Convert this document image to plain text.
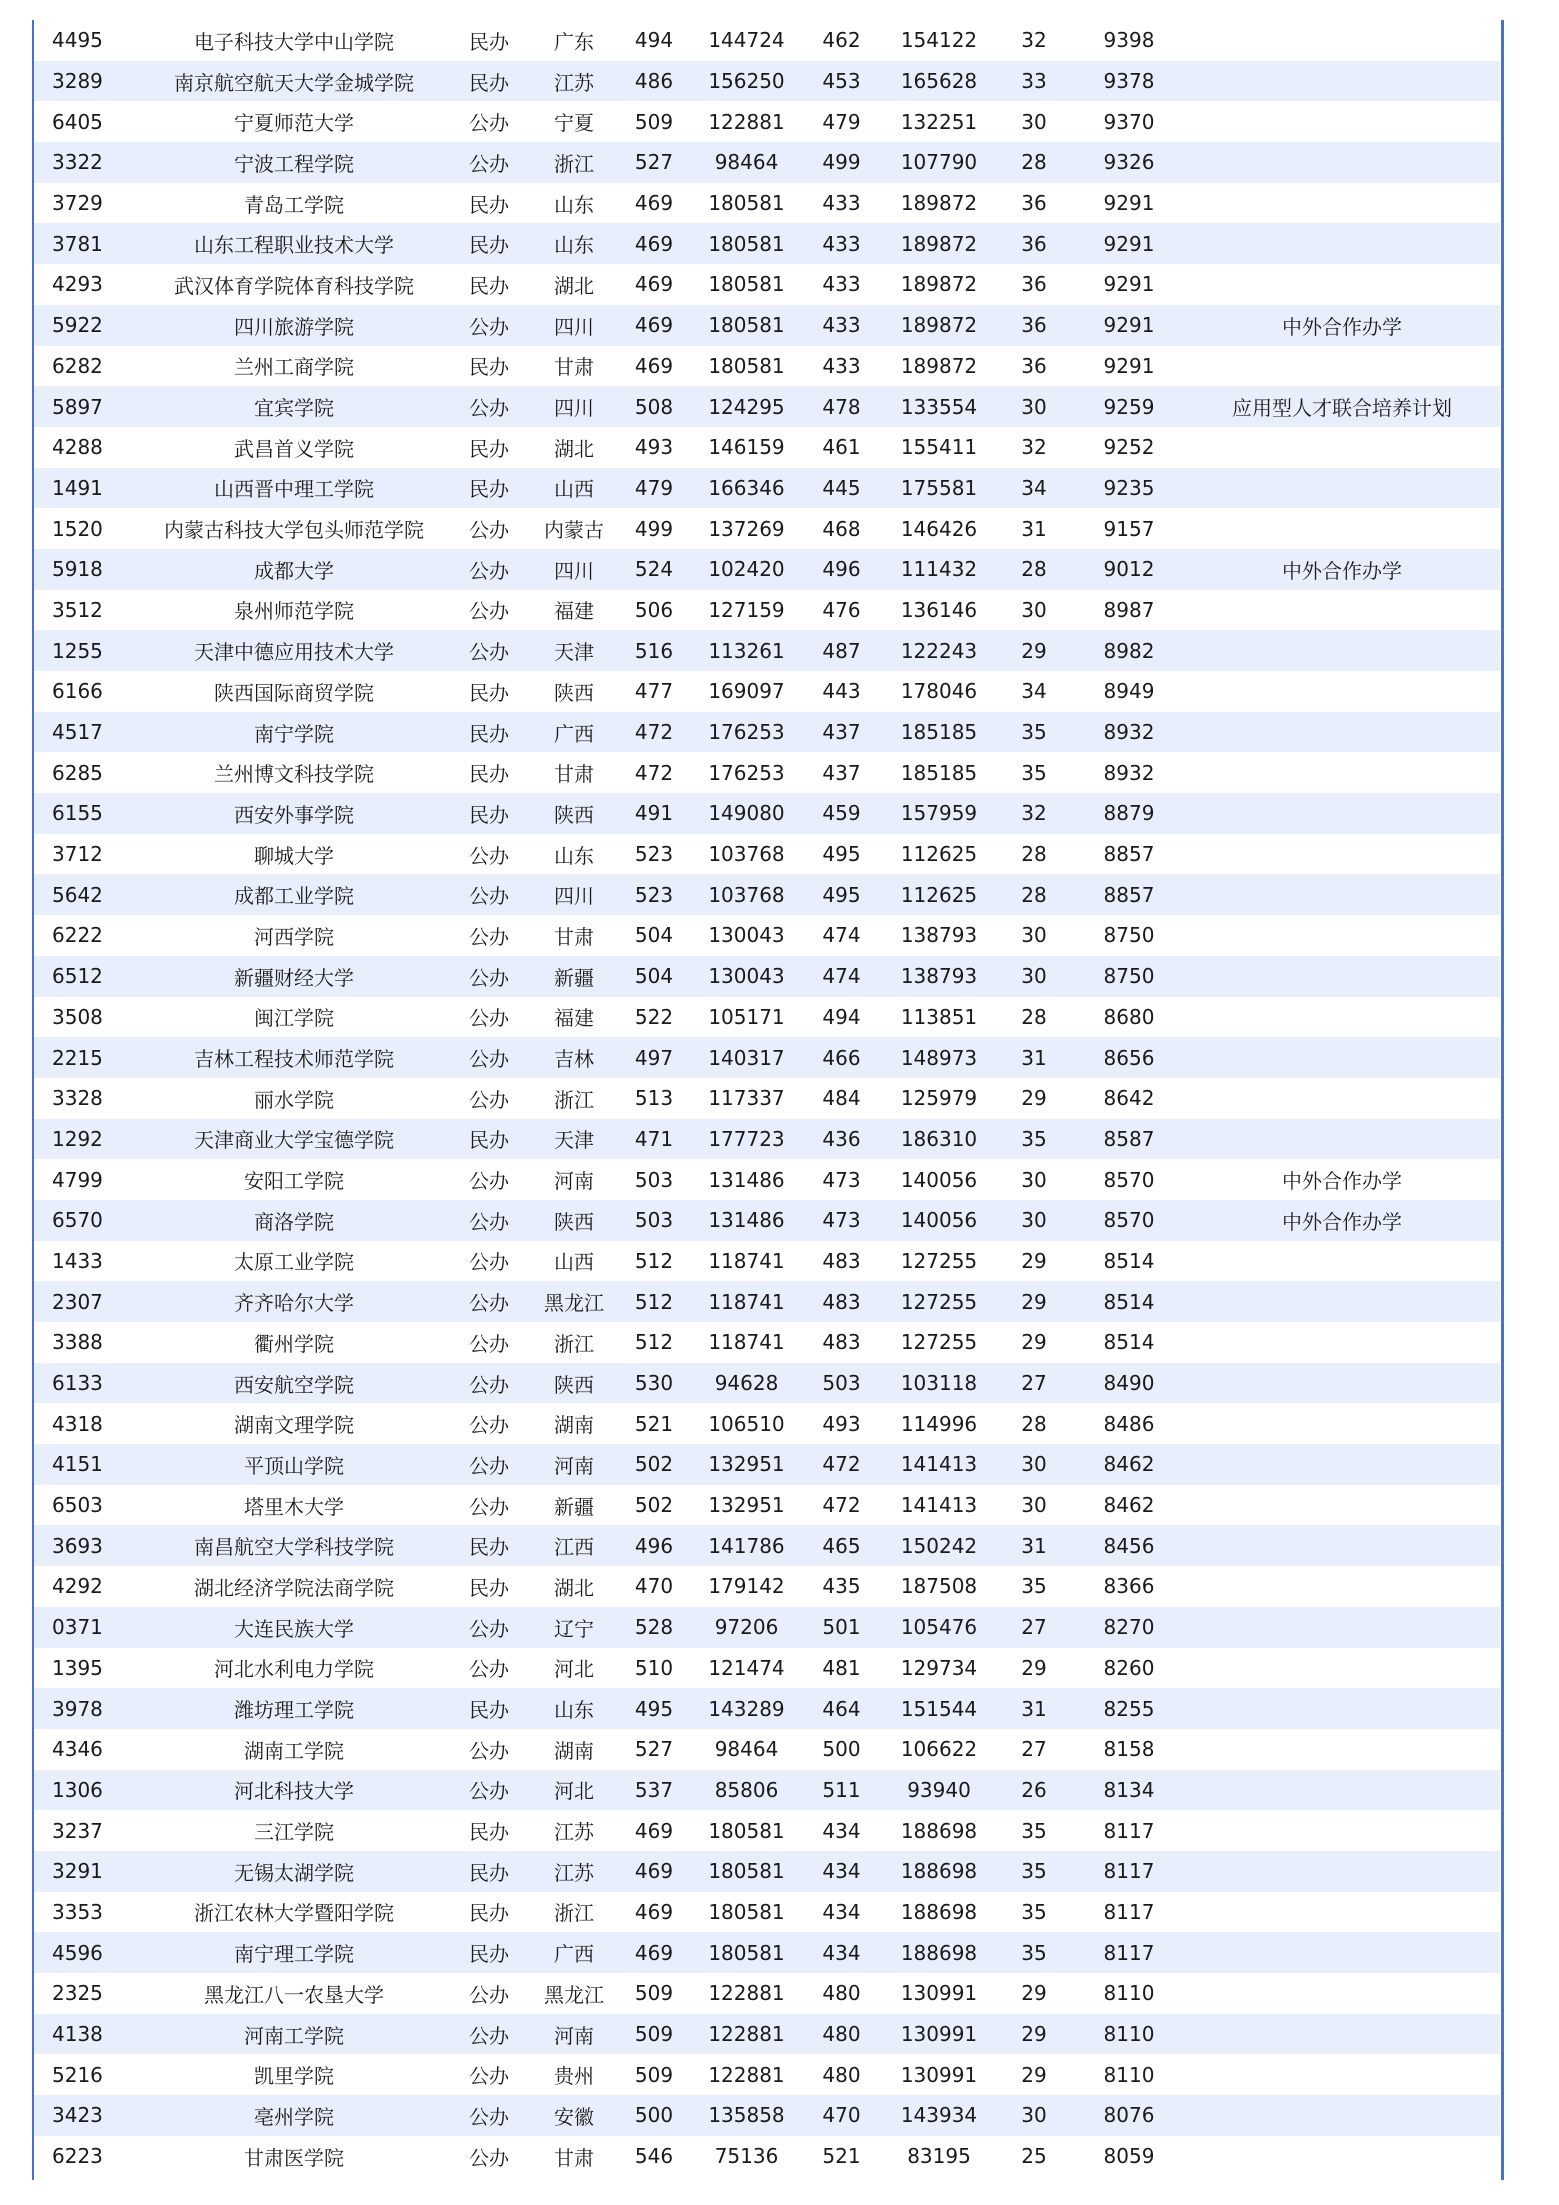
4495	电子科技大学中山学院	民办	广东	494	144724	462	154122	32	9398	
3289	南京航空航天大学金城学院	民办	江苏	486	156250	453	165628	33	9378	
6405	宁夏师范大学	公办	宁夏	509	122881	479	132251	30	9370	
3322	宁波工程学院	公办	浙江	527	98464	499	107790	28	9326	
3729	青岛工学院	民办	山东	469	180581	433	189872	36	9291	
3781	山东工程职业技术大学	民办	山东	469	180581	433	189872	36	9291	
4293	武汉体育学院体育科技学院	民办	湖北	469	180581	433	189872	36	9291	
5922	四川旅游学院	公办	四川	469	180581	433	189872	36	9291	中外合作办学
6282	兰州工商学院	民办	甘肃	469	180581	433	189872	36	9291	
5897	宜宾学院	公办	四川	508	124295	478	133554	30	9259	应用型人才联合培养计划
4288	武昌首义学院	民办	湖北	493	146159	461	155411	32	9252	
1491	山西晋中理工学院	民办	山西	479	166346	445	175581	34	9235	
1520	内蒙古科技大学包头师范学院	公办	内蒙古	499	137269	468	146426	31	9157	
5918	成都大学	公办	四川	524	102420	496	111432	28	9012	中外合作办学
3512	泉州师范学院	公办	福建	506	127159	476	136146	30	8987	
1255	天津中德应用技术大学	公办	天津	516	113261	487	122243	29	8982	
6166	陕西国际商贸学院	民办	陕西	477	169097	443	178046	34	8949	
4517	南宁学院	民办	广西	472	176253	437	185185	35	8932	
6285	兰州博文科技学院	民办	甘肃	472	176253	437	185185	35	8932	
6155	西安外事学院	民办	陕西	491	149080	459	157959	32	8879	
3712	聊城大学	公办	山东	523	103768	495	112625	28	8857	
5642	成都工业学院	公办	四川	523	103768	495	112625	28	8857	
6222	河西学院	公办	甘肃	504	130043	474	138793	30	8750	
6512	新疆财经大学	公办	新疆	504	130043	474	138793	30	8750	
3508	闽江学院	公办	福建	522	105171	494	113851	28	8680	
2215	吉林工程技术师范学院	公办	吉林	497	140317	466	148973	31	8656	
3328	丽水学院	公办	浙江	513	117337	484	125979	29	8642	
1292	天津商业大学宝德学院	民办	天津	471	177723	436	186310	35	8587	
4799	安阳工学院	公办	河南	503	131486	473	140056	30	8570	中外合作办学
6570	商洛学院	公办	陕西	503	131486	473	140056	30	8570	中外合作办学
1433	太原工业学院	公办	山西	512	118741	483	127255	29	8514	
2307	齐齐哈尔大学	公办	黑龙江	512	118741	483	127255	29	8514	
3388	衢州学院	公办	浙江	512	118741	483	127255	29	8514	
6133	西安航空学院	公办	陕西	530	94628	503	103118	27	8490	
4318	湖南文理学院	公办	湖南	521	106510	493	114996	28	8486	
4151	平顶山学院	公办	河南	502	132951	472	141413	30	8462	
6503	塔里木大学	公办	新疆	502	132951	472	141413	30	8462	
3693	南昌航空大学科技学院	民办	江西	496	141786	465	150242	31	8456	
4292	湖北经济学院法商学院	民办	湖北	470	179142	435	187508	35	8366	
0371	大连民族大学	公办	辽宁	528	97206	501	105476	27	8270	
1395	河北水利电力学院	公办	河北	510	121474	481	129734	29	8260	
3978	潍坊理工学院	民办	山东	495	143289	464	151544	31	8255	
4346	湖南工学院	公办	湖南	527	98464	500	106622	27	8158	
1306	河北科技大学	公办	河北	537	85806	511	93940	26	8134	
3237	三江学院	民办	江苏	469	180581	434	188698	35	8117	
3291	无锡太湖学院	民办	江苏	469	180581	434	188698	35	8117	
3353	浙江农林大学暨阳学院	民办	浙江	469	180581	434	188698	35	8117	
4596	南宁理工学院	民办	广西	469	180581	434	188698	35	8117	
2325	黑龙江八一农垦大学	公办	黑龙江	509	122881	480	130991	29	8110	
4138	河南工学院	公办	河南	509	122881	480	130991	29	8110	
5216	凯里学院	公办	贵州	509	122881	480	130991	29	8110	
3423	亳州学院	公办	安徽	500	135858	470	143934	30	8076	
6223	甘肃医学院	公办	甘肃	546	75136	521	83195	25	8059	
